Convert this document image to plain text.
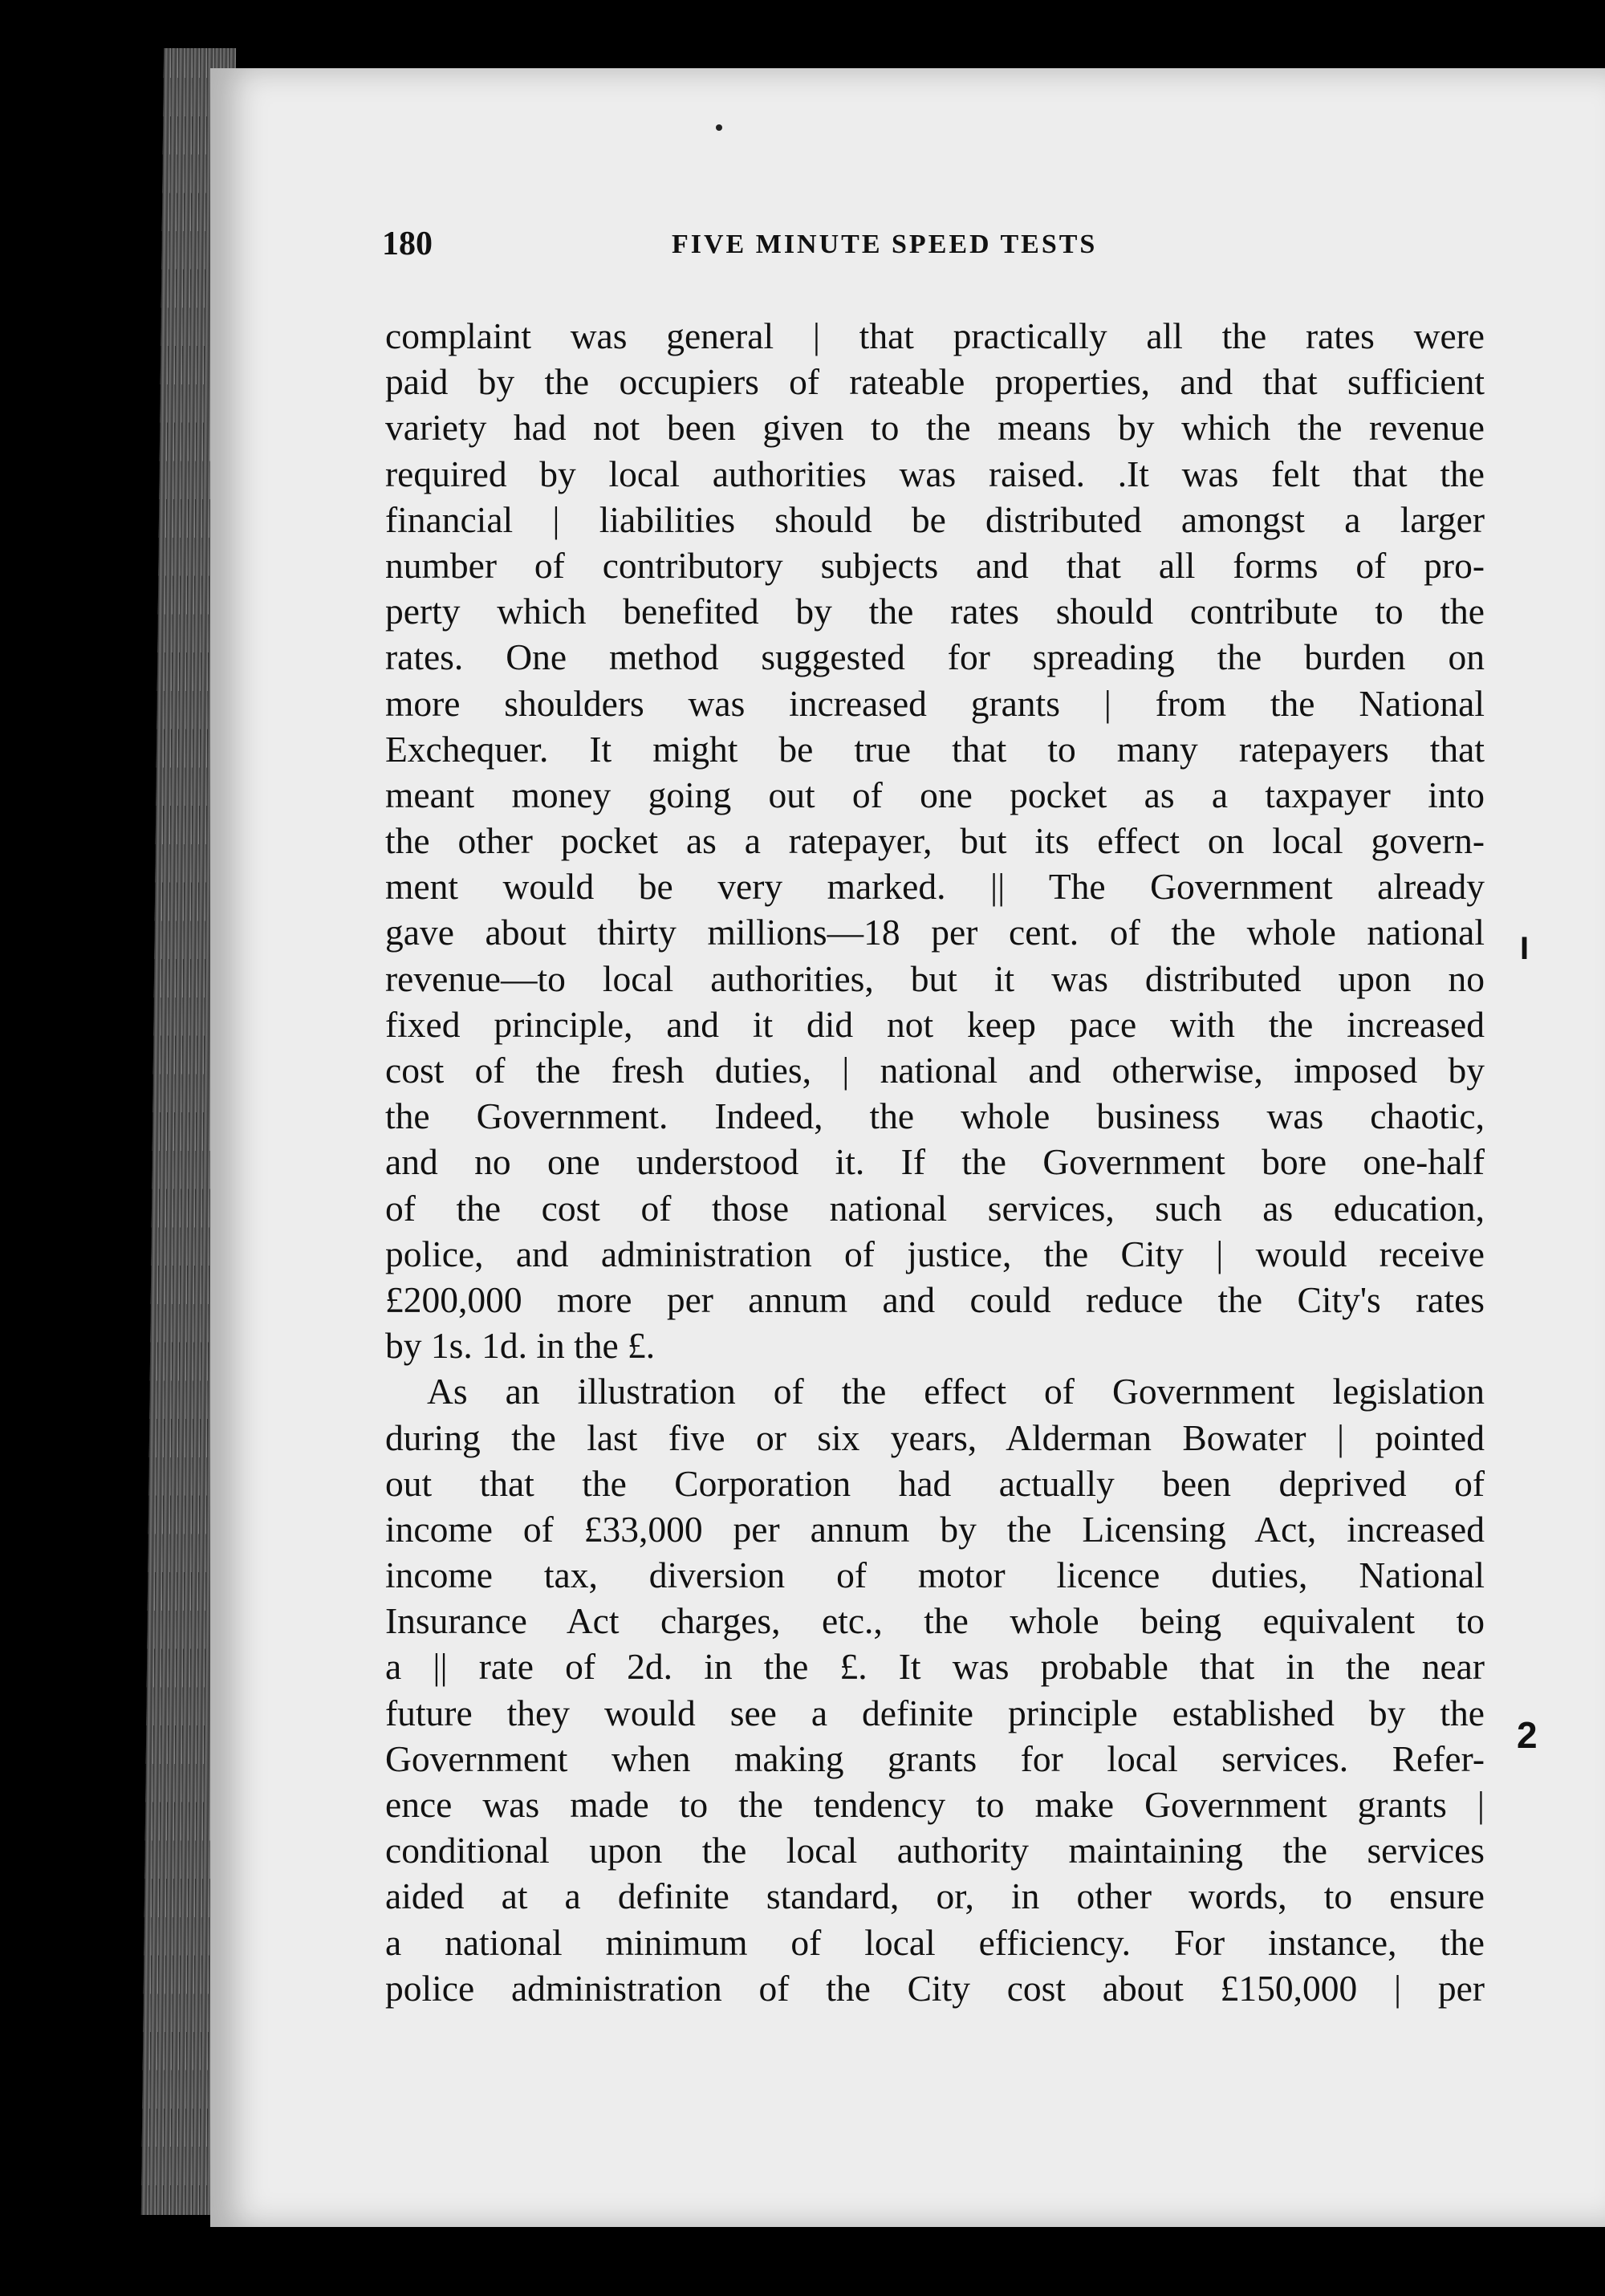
180	FIVE MINUTE SPEED TESTS
complaint was general | that practically all the rates were
paid by the occupiers of rateable properties, and that sufficient
variety had not been given to the means by which the revenue
required by local authorities was raised. .It was felt that the
financial | liabilities should be distributed amongst a larger
number of contributory subjects and that all forms of pro-
perty which benefited by the rates should contribute to the
rates. One method suggested for spreading the burden on
more shoulders was increased grants | from the National
Exchequer. It might be true that to many ratepayers that
meant money going out of one pocket as a taxpayer into
the other pocket as a ratepayer, but its effect on local govern-
ment would be very marked. || The Government already
gave about thirty millions—18 per cent. of the whole national
revenue—to local authorities, but it was distributed upon no
fixed principle, and it did not keep pace with the increased
cost of the fresh duties, | national and otherwise, imposed by
the Government. Indeed, the whole business was chaotic,
and no one understood it. If the Government bore one-half
of the cost of those national services, such as education,
police, and administration of justice, the City | would receive
£200,000 more per annum and could reduce the City's rates
by 1s. 1d. in the £.
As an illustration of the effect of Government legislation
during the last five or six years, Alderman Bowater | pointed
out that the Corporation had actually been deprived of
income of £33,000 per annum by the Licensing Act, increased
income tax, diversion of motor licence duties, National
Insurance Act charges, etc., the whole being equivalent to
a || rate of 2d. in the £. It was probable that in the near
future they would see a definite principle established by the
Government when making grants for local services. Refer-
ence was made to the tendency to make Government grants |
conditional upon the local authority maintaining the services
aided at a definite standard, or, in other words, to ensure
a national minimum of local efficiency. For instance, the
police administration of the City cost about £150,000 | per
I
2
